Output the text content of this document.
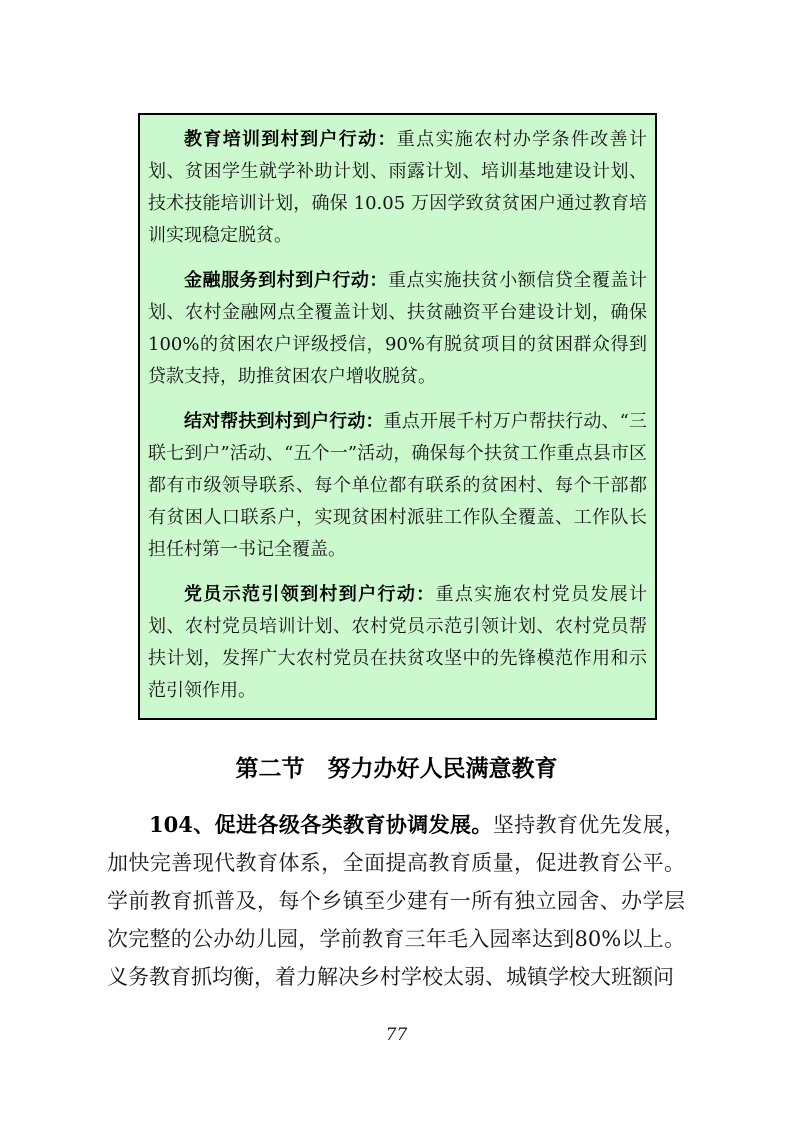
教育培训到村到户行动：重点实施农村办学条件改善计划、贫困学生就学补助计划、雨露计划、培训基地建设计划、技术技能培训计划，确保 10.05 万因学致贫贫困户通过教育培训实现稳定脱贫。

金融服务到村到户行动：重点实施扶贫小额信贷全覆盖计划、农村金融网点全覆盖计划、扶贫融资平台建设计划，确保100%的贫困农户评级授信，90%有脱贫项目的贫困群众得到贷款支持，助推贫困农户增收脱贫。

结对帮扶到村到户行动：重点开展千村万户帮扶行动、“三联七到户”活动、“五个一”活动，确保每个扶贫工作重点县市区都有市级领导联系、每个单位都有联系的贫困村、每个干部都有贫困人口联系户，实现贫困村派驻工作队全覆盖、工作队长担任村第一书记全覆盖。

党员示范引领到村到户行动：重点实施农村党员发展计划、农村党员培训计划、农村党员示范引领计划、农村党员帮扶计划，发挥广大农村党员在扶贫攻坚中的先锋模范作用和示范引领作用。

第二节　努力办好人民满意教育

104、促进各级各类教育协调发展。坚持教育优先发展，加快完善现代教育体系，全面提高教育质量，促进教育公平。学前教育抓普及，每个乡镇至少建有一所有独立园舍、办学层次完整的公办幼儿园，学前教育三年毛入园率达到80%以上。义务教育抓均衡，着力解决乡村学校太弱、城镇学校大班额问

77
